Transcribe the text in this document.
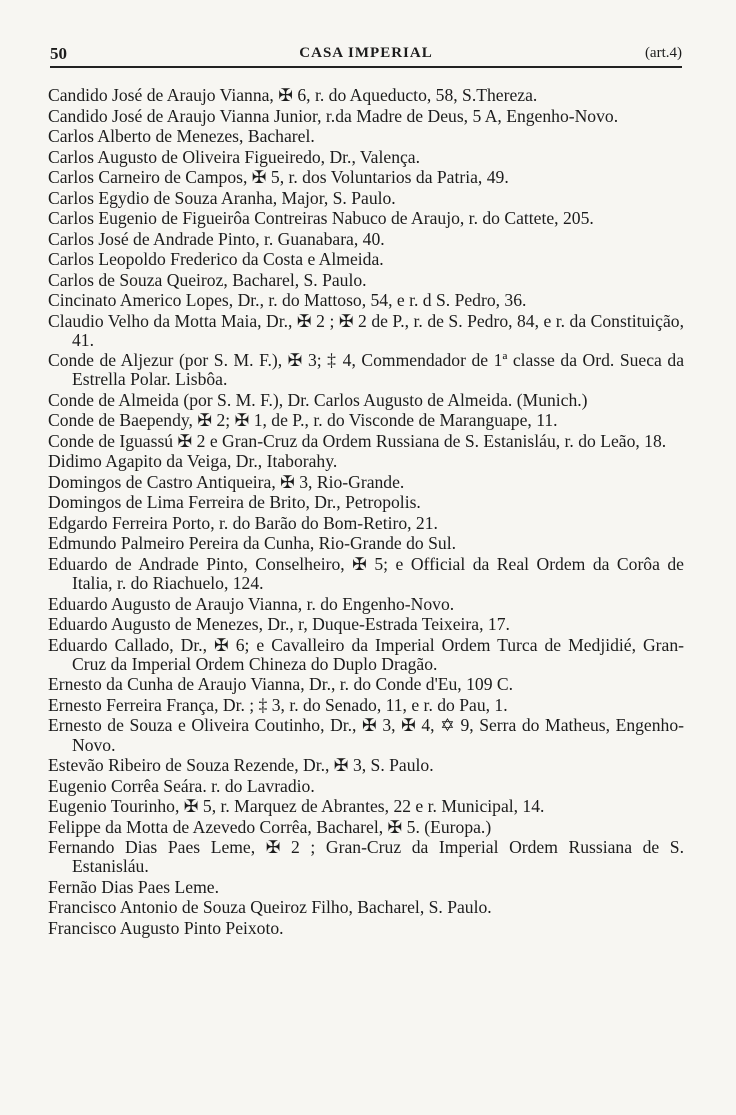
50	CASA IMPERIAL	(art.4)

Candido José de Araujo Vianna, ✠ 6, r. do Aqueducto, 58, S.Thereza.

Candido José de Araujo Vianna Junior, r.da Madre de Deus, 5 A, Engenho-Novo.

Carlos Alberto de Menezes, Bacharel.

Carlos Augusto de Oliveira Figueiredo, Dr., Valença.

Carlos Carneiro de Campos, ✠ 5, r. dos Voluntarios da Patria, 49.

Carlos Egydio de Souza Aranha, Major, S. Paulo.

Carlos Eugenio de Figueirôa Contreiras Nabuco de Araujo, r. do Cattete, 205.

Carlos José de Andrade Pinto, r. Guanabara, 40.

Carlos Leopoldo Frederico da Costa e Almeida.

Carlos de Souza Queiroz, Bacharel, S. Paulo.

Cincinato Americo Lopes, Dr., r. do Mattoso, 54, e r. d S. Pedro, 36.

Claudio Velho da Motta Maia, Dr., ✠ 2 ; ✠ 2 de P., r. de S. Pedro, 84, e r. da Constituição, 41.

Conde de Aljezur (por S. M. F.), ✠ 3; ‡ 4, Commendador de 1ª classe da Ord. Sueca da Estrella Polar. Lisbôa.

Conde de Almeida (por S. M. F.), Dr. Carlos Augusto de Almeida. (Munich.)

Conde de Baependy, ✠ 2; ✠ 1, de P., r. do Visconde de Maranguape, 11.

Conde de Iguassú ✠ 2 e Gran-Cruz da Ordem Russiana de S. Estanisláu, r. do Leão, 18.

Didimo Agapito da Veiga, Dr., Itaborahy.

Domingos de Castro Antiqueira, ✠ 3, Rio-Grande.

Domingos de Lima Ferreira de Brito, Dr., Petropolis.

Edgardo Ferreira Porto, r. do Barão do Bom-Retiro, 21.

Edmundo Palmeiro Pereira da Cunha, Rio-Grande do Sul.

Eduardo de Andrade Pinto, Conselheiro, ✠ 5; e Official da Real Ordem da Corôa de Italia, r. do Riachuelo, 124.

Eduardo Augusto de Araujo Vianna, r. do Engenho-Novo.

Eduardo Augusto de Menezes, Dr., r, Duque-Estrada Teixeira, 17.

Eduardo Callado, Dr., ✠ 6; e Cavalleiro da Imperial Ordem Turca de Medjidié, Gran-Cruz da Imperial Ordem Chineza do Duplo Dragão.

Ernesto da Cunha de Araujo Vianna, Dr., r. do Conde d'Eu, 109 C.

Ernesto Ferreira França, Dr. ; ‡ 3, r. do Senado, 11, e r. do Pau, 1.

Ernesto de Souza e Oliveira Coutinho, Dr., ✠ 3, ✠ 4, ✡ 9, Serra do Matheus, Engenho-Novo.

Estevão Ribeiro de Souza Rezende, Dr., ✠ 3, S. Paulo.

Eugenio Corrêa Seára. r. do Lavradio.

Eugenio Tourinho, ✠ 5, r. Marquez de Abrantes, 22 e r. Municipal, 14.

Felippe da Motta de Azevedo Corrêa, Bacharel, ✠ 5. (Europa.)

Fernando Dias Paes Leme, ✠ 2 ; Gran-Cruz da Imperial Ordem Russiana de S. Estanisláu.

Fernão Dias Paes Leme.

Francisco Antonio de Souza Queiroz Filho, Bacharel, S. Paulo.

Francisco Augusto Pinto Peixoto.
